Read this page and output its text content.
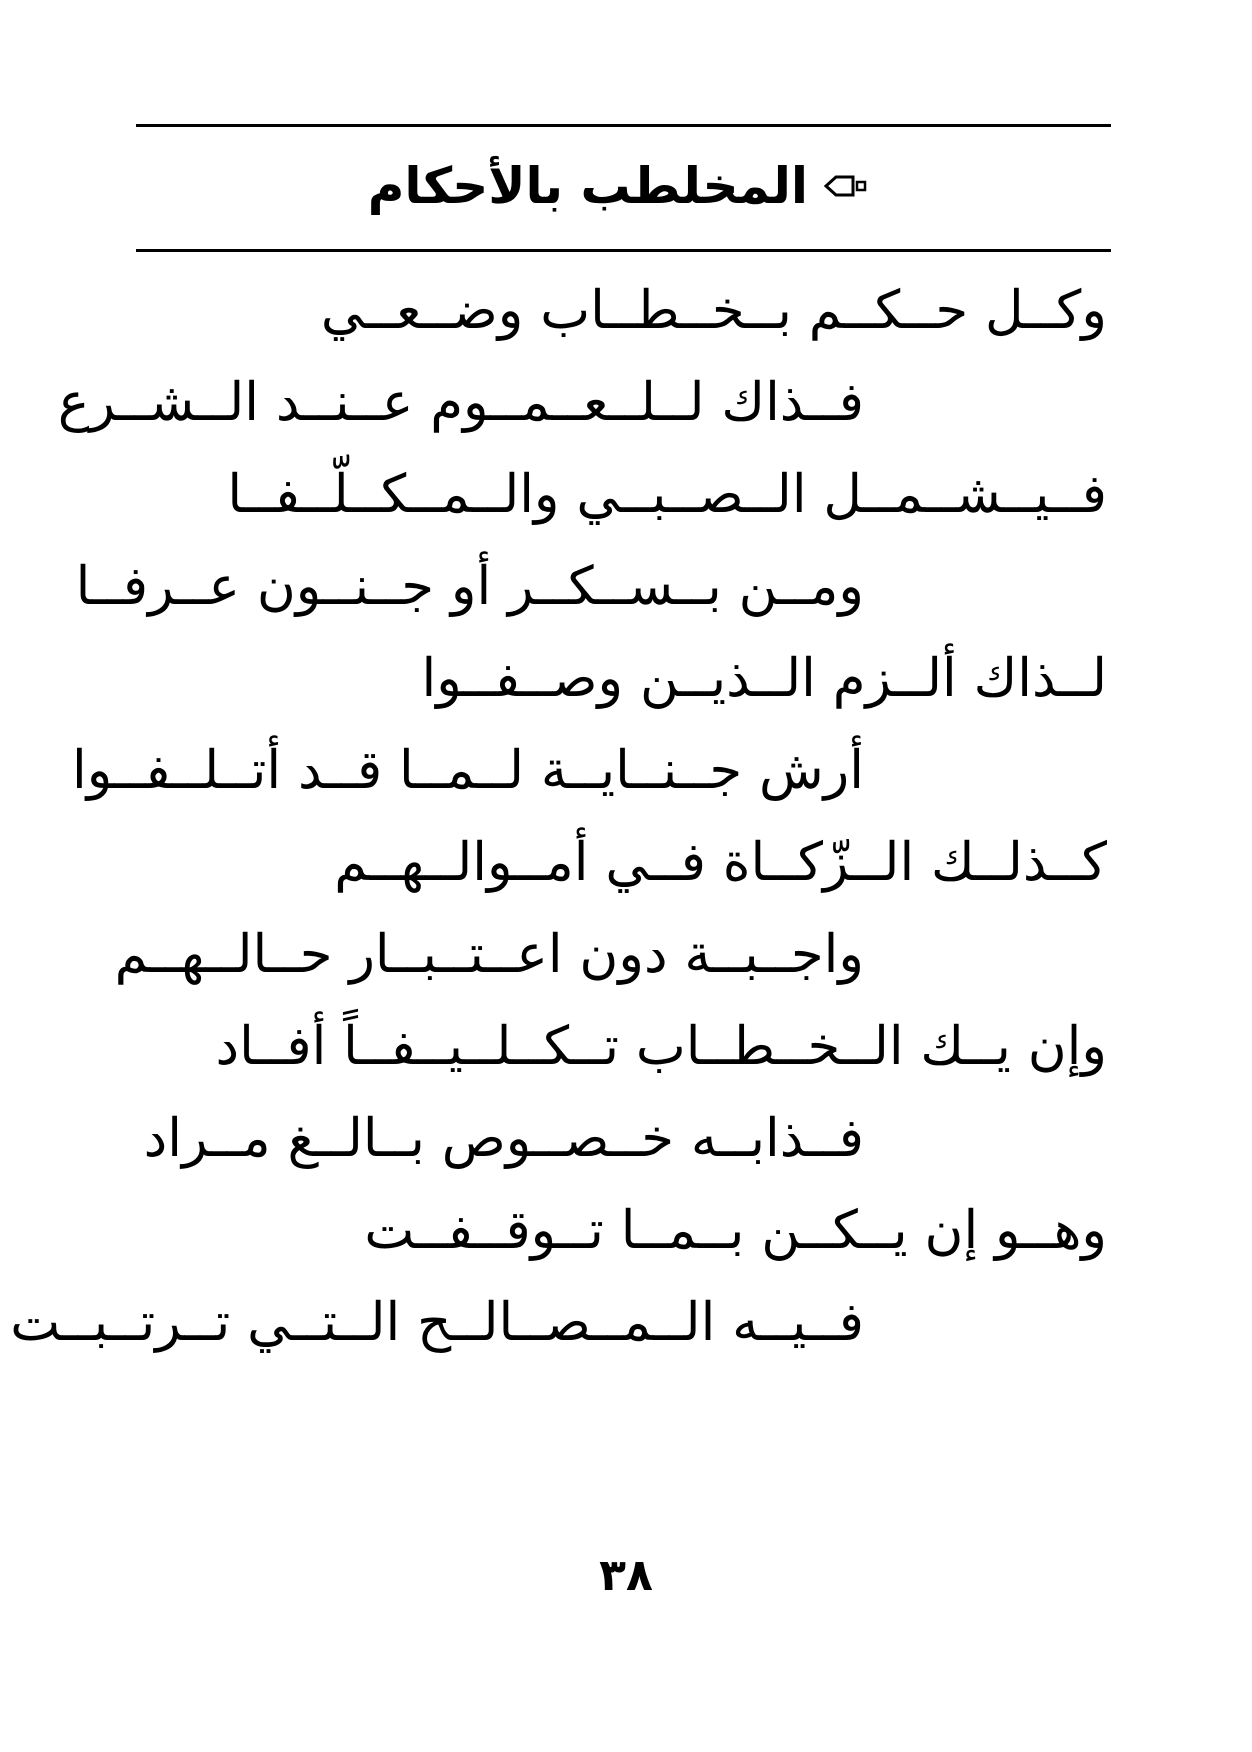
المخلطب بالأحكام
وكــل حــكــم بــخــطــاب وضــعــي
فــذاك لــلــعــمــوم عــنــد الــشــرع
فــيــشــمــل الــصــبــي والــمــكــلّــفــا
ومــن بــســكــر أو جــنــون عــرفــا
لــذاك ألــزم الــذيــن وصــفــوا
أرش جــنــايــة لــمــا قــد أتــلــفــوا
كــذلــك الــزّكــاة فــي أمــوالــهــم
واجــبــة دون اعــتــبــار حــالــهــم
وإن يــك الــخــطــاب تــكــلــيــفــاً أفــاد
فــذابــه خــصــوص بــالــغ مــراد
وهــو إن يــكــن بــمــا تــوقــفــت
فــيــه الــمــصــالــح الــتــي تــرتــبــت
٣٨
